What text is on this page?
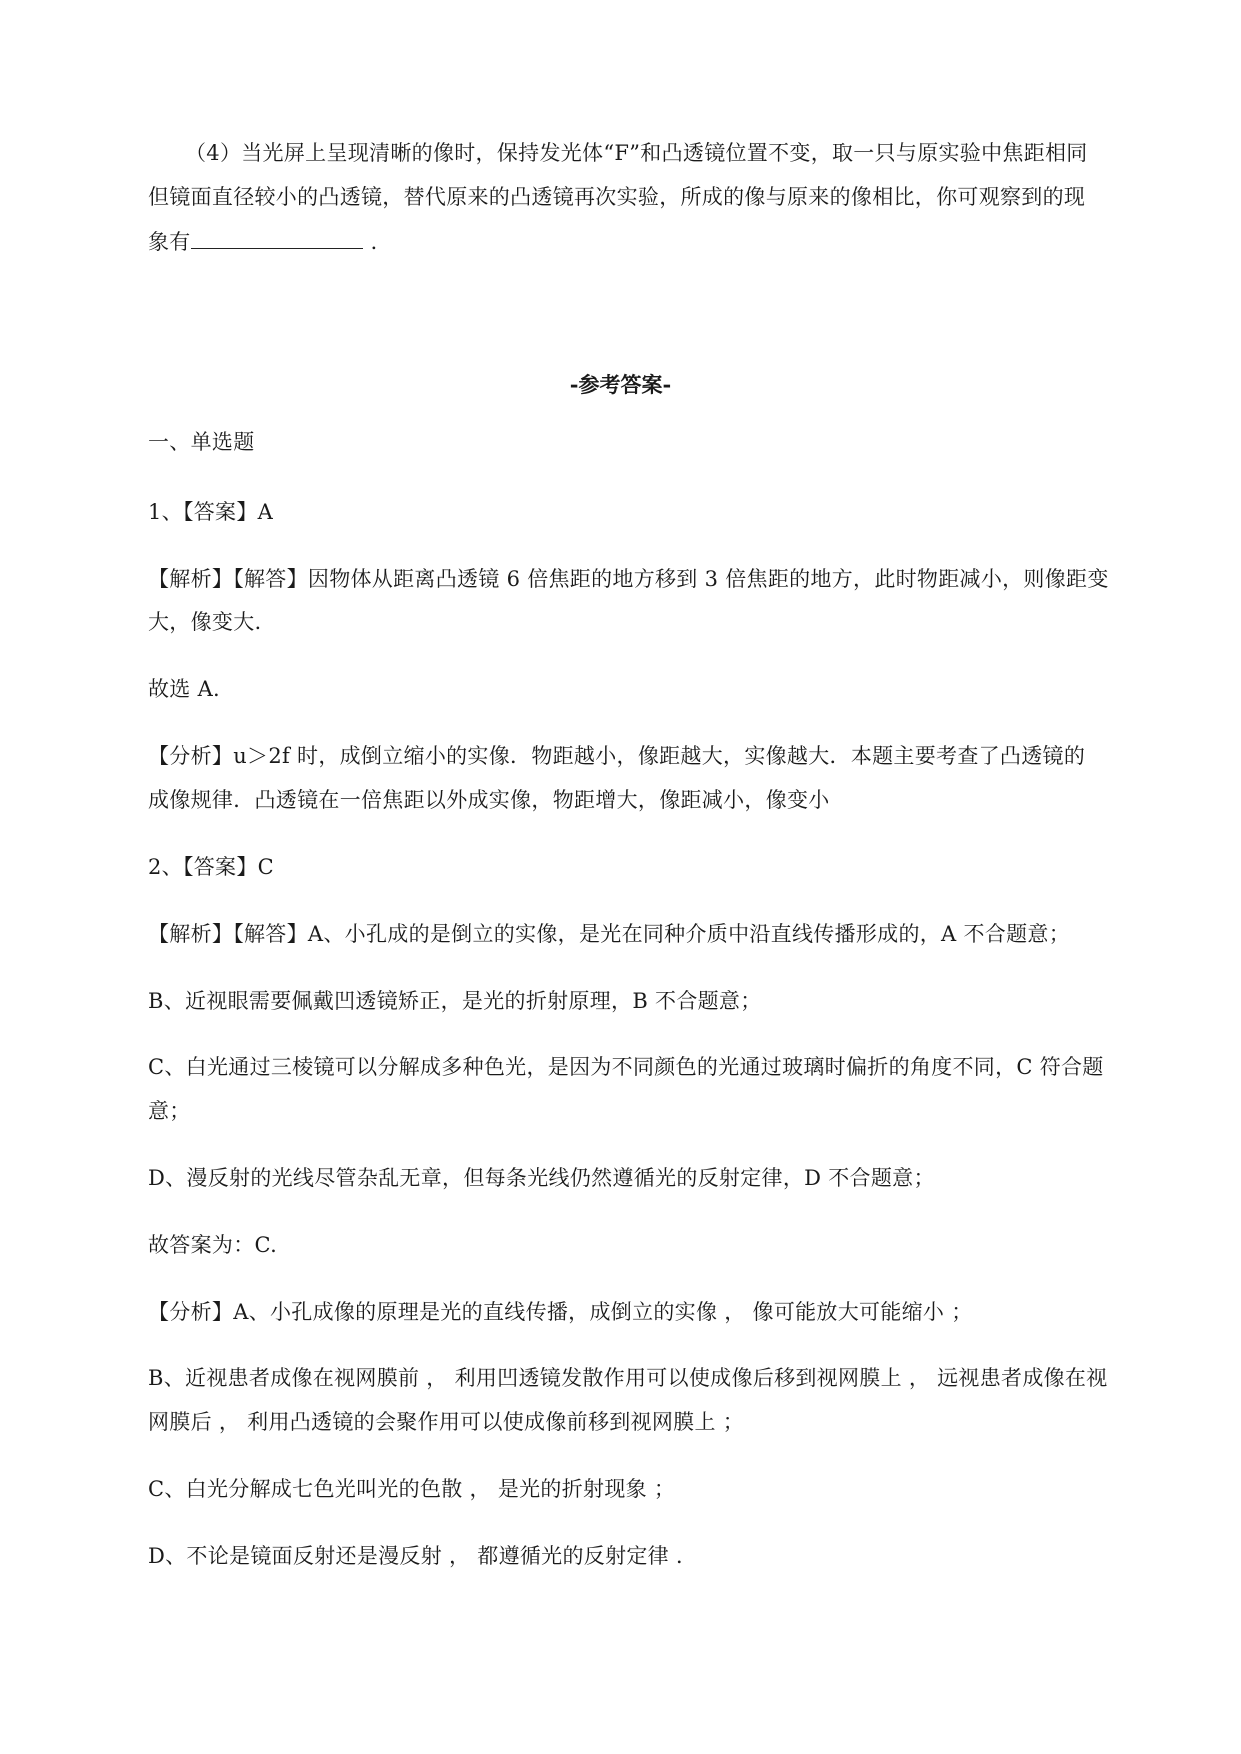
（4）当光屏上呈现清晰的像时，保持发光体“F”和凸透镜位置不变，取一只与原实验中焦距相同
但镜面直径较小的凸透镜，替代原来的凸透镜再次实验，所成的像与原来的像相比，你可观察到的现
象有	．
-参考答案-
一、单选题
1、【答案】A
【解析】【解答】因物体从距离凸透镜 6 倍焦距的地方移到 3 倍焦距的地方，此时物距减小，则像距变
大，像变大.
故选 A.
【分析】u＞2f 时，成倒立缩小的实像．物距越小，像距越大，实像越大．本题主要考查了凸透镜的
成像规律．凸透镜在一倍焦距以外成实像，物距增大，像距减小，像变小
2、【答案】C
【解析】【解答】A、小孔成的是倒立的实像，是光在同种介质中沿直线传播形成的，A 不合题意；
B、近视眼需要佩戴凹透镜矫正，是光的折射原理，B 不合题意；
C、白光通过三棱镜可以分解成多种色光，是因为不同颜色的光通过玻璃时偏折的角度不同，C 符合题
意；
D、漫反射的光线尽管杂乱无章，但每条光线仍然遵循光的反射定律，D 不合题意；
故答案为：C.
【分析】A、小孔成像的原理是光的直线传播，成倒立的实像 ， 像可能放大可能缩小 ；
B、近视患者成像在视网膜前 ， 利用凹透镜发散作用可以使成像后移到视网膜上 ， 远视患者成像在视
网膜后 ， 利用凸透镜的会聚作用可以使成像前移到视网膜上 ；
C、白光分解成七色光叫光的色散 ， 是光的折射现象 ；
D、不论是镜面反射还是漫反射 ， 都遵循光的反射定律 ．
